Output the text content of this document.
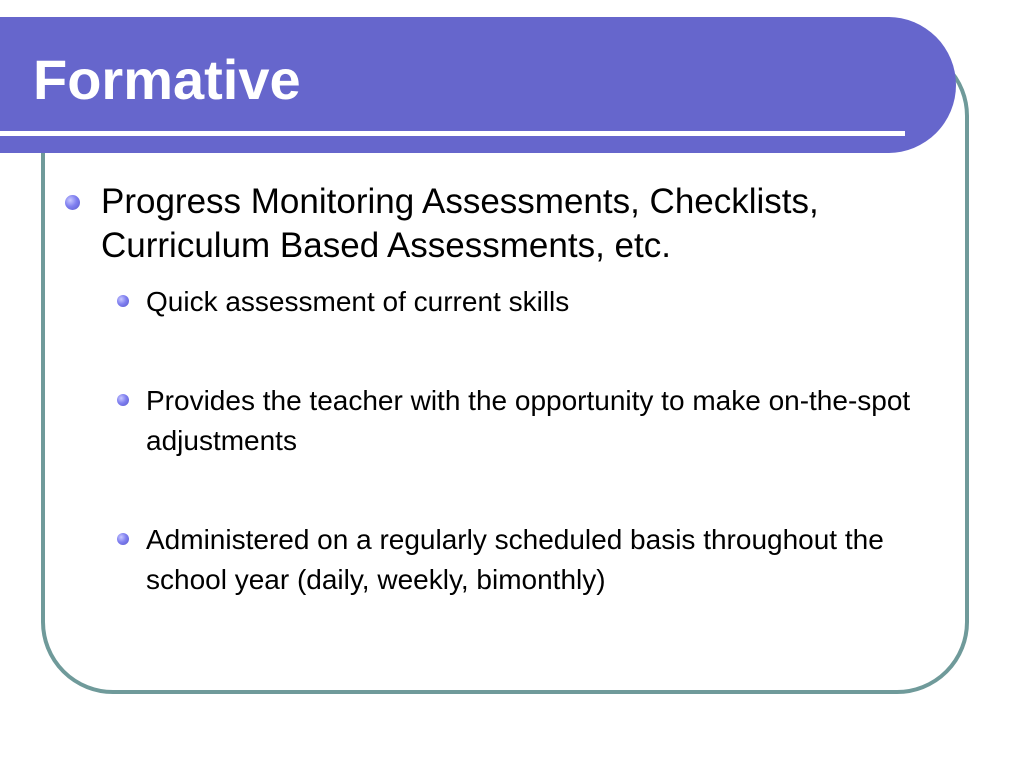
Formative
Progress Monitoring Assessments, Checklists, Curriculum Based Assessments, etc.
Quick assessment of current skills
Provides the teacher with the opportunity to make on-the-spot adjustments
Administered on a regularly scheduled basis throughout the school year (daily, weekly, bimonthly)
